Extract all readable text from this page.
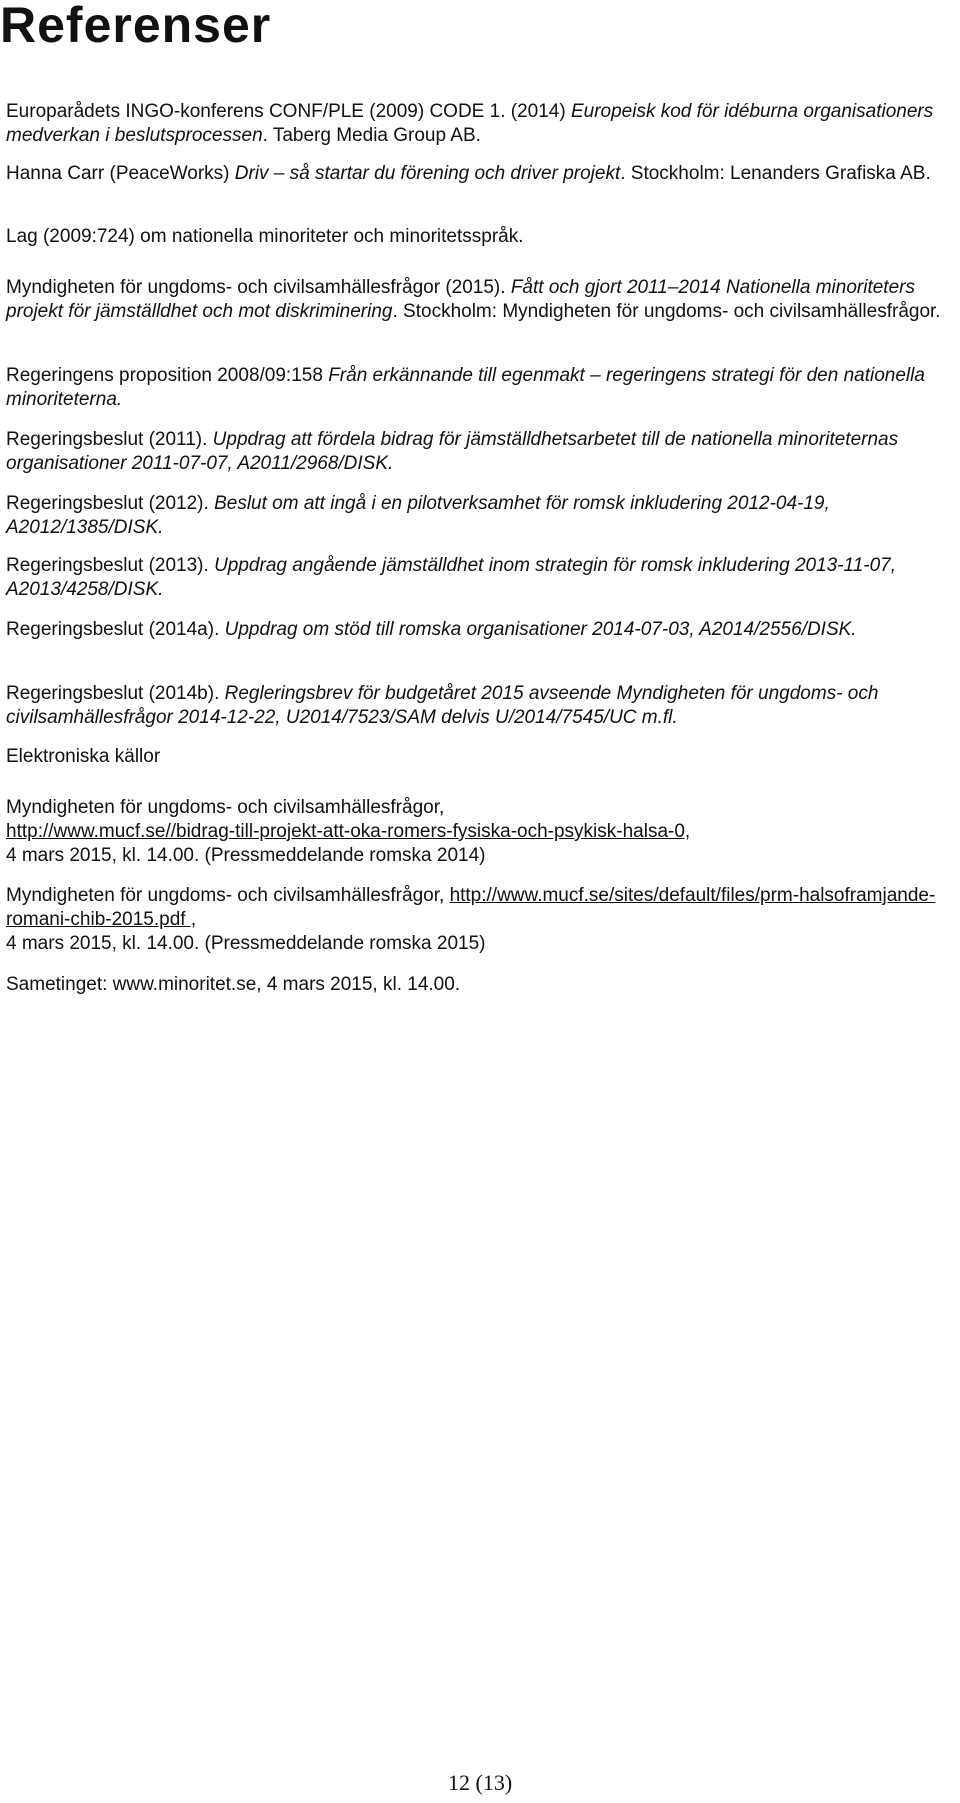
Referenser

Europarådets INGO-konferens CONF/PLE (2009) CODE 1. (2014) Europeisk kod för idéburna organisationers medverkan i beslutsprocessen. Taberg Media Group AB.

Hanna Carr (PeaceWorks) Driv – så startar du förening och driver projekt. Stockholm: Lenanders Grafiska AB.

Lag (2009:724) om nationella minoriteter och minoritetsspråk.

Myndigheten för ungdoms- och civilsamhällesfrågor (2015). Fått och gjort 2011–2014 Nationella minoriteters projekt för jämställdhet och mot diskriminering. Stockholm: Myndigheten för ungdoms- och civilsamhällesfrågor.

Regeringens proposition 2008/09:158 Från erkännande till egenmakt – regeringens strategi för den nationella minoriteterna.

Regeringsbeslut (2011). Uppdrag att fördela bidrag för jämställdhetsarbetet till de nationella minoriteternas organisationer 2011-07-07, A2011/2968/DISK.

Regeringsbeslut (2012). Beslut om att ingå i en pilotverksamhet för romsk inkludering 2012-04-19, A2012/1385/DISK.

Regeringsbeslut (2013). Uppdrag angående jämställdhet inom strategin för romsk inkludering 2013-11-07, A2013/4258/DISK.

Regeringsbeslut (2014a). Uppdrag om stöd till romska organisationer 2014-07-03, A2014/2556/DISK.

Regeringsbeslut (2014b). Regleringsbrev för budgetåret 2015 avseende Myndigheten för ungdoms- och civilsamhällesfrågor 2014-12-22, U2014/7523/SAM delvis U/2014/7545/UC m.fl.

Elektroniska källor

Myndigheten för ungdoms- och civilsamhällesfrågor,
http://www.mucf.se//bidrag-till-projekt-att-oka-romers-fysiska-och-psykisk-halsa-0,
4 mars 2015, kl. 14.00. (Pressmeddelande romska 2014)

Myndigheten för ungdoms- och civilsamhällesfrågor, http://www.mucf.se/sites/default/files/prm-halsoframjande-romani-chib-2015.pdf ,
4 mars 2015, kl. 14.00. (Pressmeddelande romska 2015)

Sametinget: www.minoritet.se, 4 mars 2015, kl. 14.00.

12 (13)
